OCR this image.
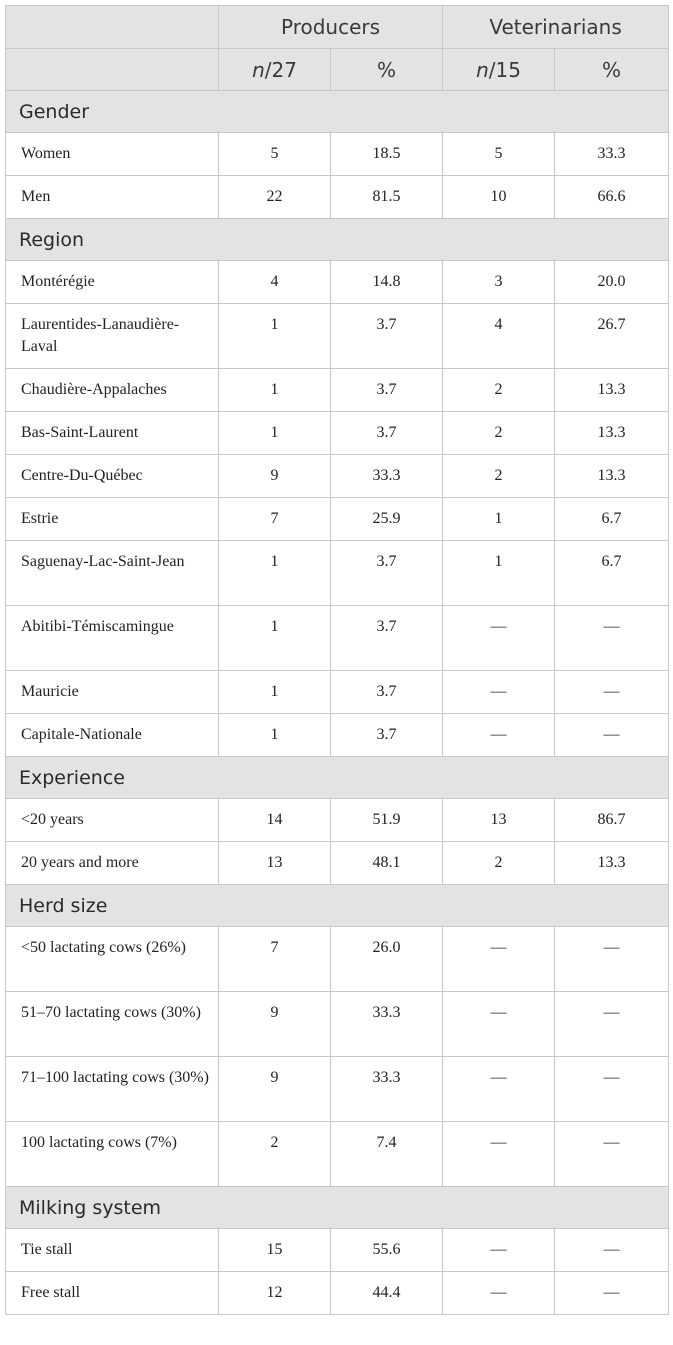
	Producers		Veterinarians	
	n/27	%	n/15	%
Gender				
Women	5	18.5	5	33.3
Men	22	81.5	10	66.6
Region				
Montérégie	4	14.8	3	20.0
Laurentides-Lanaudière-Laval	1	3.7	4	26.7
Chaudière-Appalaches	1	3.7	2	13.3
Bas-Saint-Laurent	1	3.7	2	13.3
Centre-Du-Québec	9	33.3	2	13.3
Estrie	7	25.9	1	6.7
Saguenay-Lac-Saint-Jean	1	3.7	1	6.7
Abitibi-Témiscamingue	1	3.7	—	—
Mauricie	1	3.7	—	—
Capitale-Nationale	1	3.7	—	—
Experience				
<20 years	14	51.9	13	86.7
20 years and more	13	48.1	2	13.3
Herd size				
<50 lactating cows (26%)	7	26.0	—	—
51–70 lactating cows (30%)	9	33.3	—	—
71–100 lactating cows (30%)	9	33.3	—	—
100 lactating cows (7%)	2	7.4	—	—
Milking system				
Tie stall	15	55.6	—	—
Free stall	12	44.4	—	—
